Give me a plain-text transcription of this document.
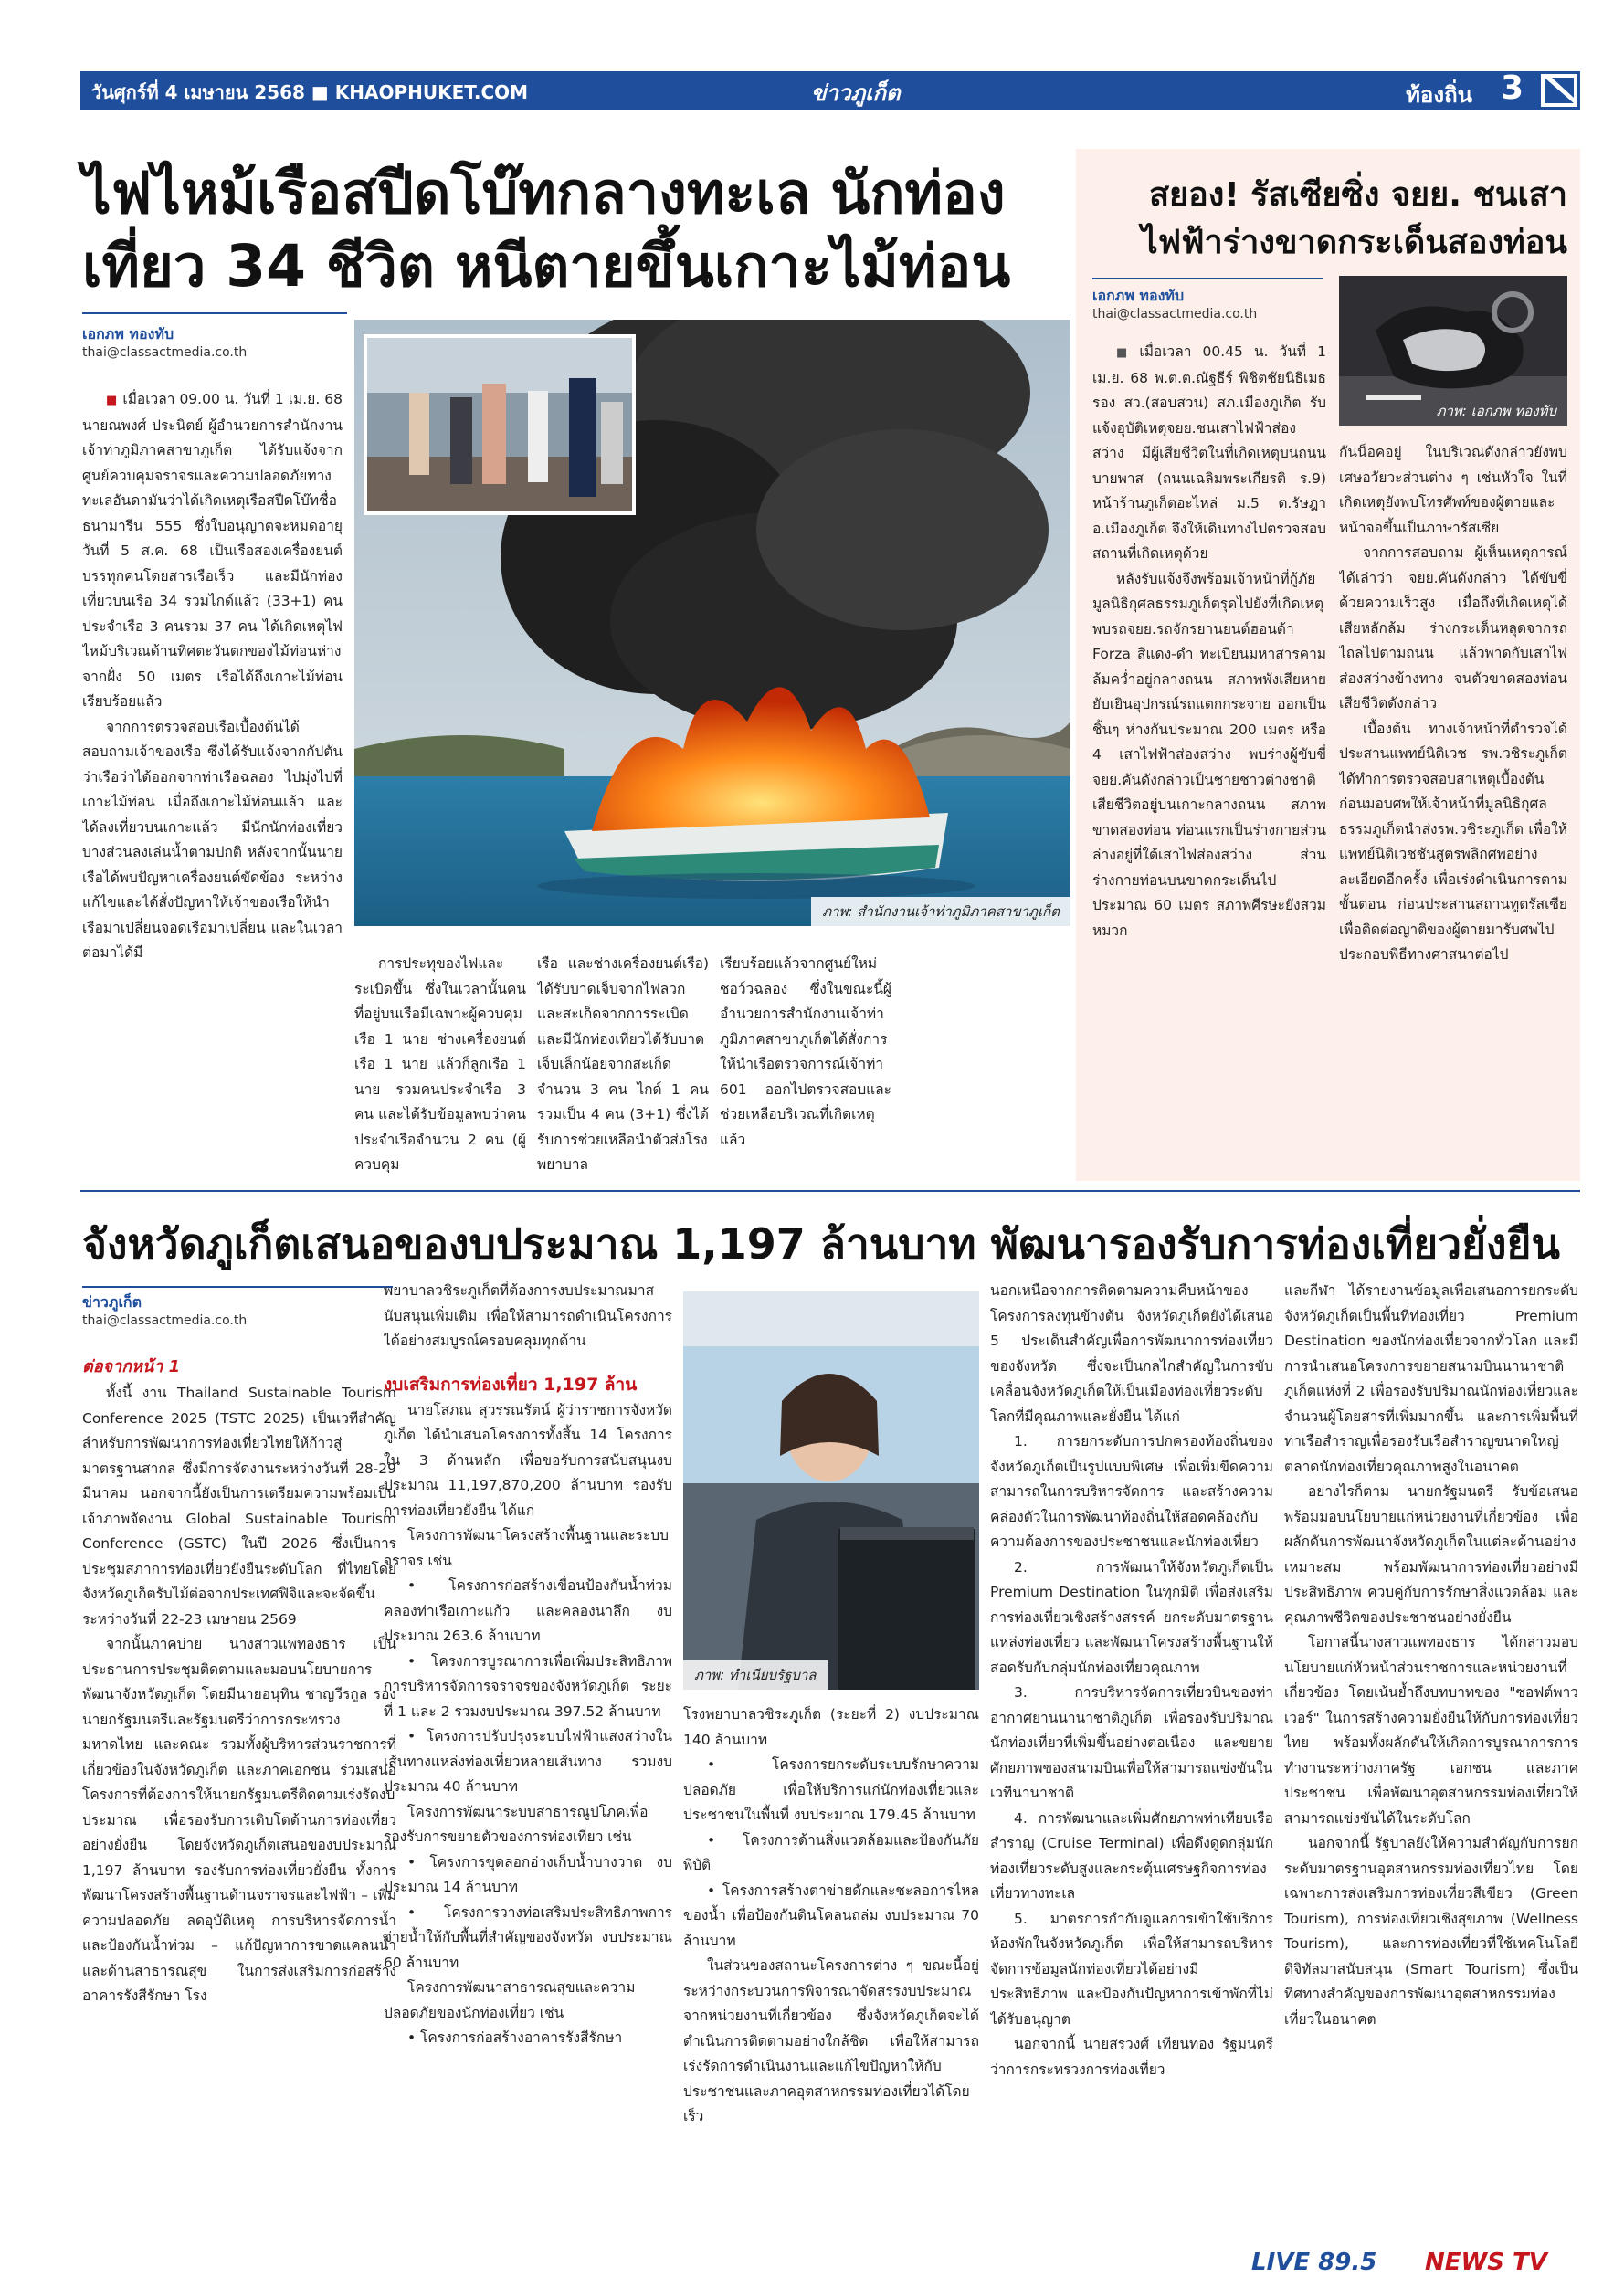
วันศุกร์ที่ 4 เมษายน 2568 ■ KHAOPHUKET.COM	ข่าวภูเก็ต	ท้องถิ่น 3
ไฟไหม้เรือสปีดโบ๊ทกลางทะเล นักท่อง
เที่ยว 34 ชีวิต หนีตายขึ้นเกาะไม้ท่อน
เอกภพ ทองทับ
thai@classactmedia.co.th

■ เมื่อเวลา 09.00 น. วันที่ 1 เม.ย. 68 นายณพงศ์ ประนิตย์ ผู้อำนวยการสำนักงานเจ้าท่าภูมิภาคสาขาภูเก็ต ได้รับแจ้งจากศูนย์ควบคุมจราจรและความปลอดภัยทางทะเลอันดามันว่าได้เกิดเหตุเรือสปีดโบ๊ทชื่อ ธนามารีน 555 ซึ่งใบอนุญาตจะหมดอายุวันที่ 5 ส.ค. 68 เป็นเรือสองเครื่องยนต์ บรรทุกคนโดยสารเรือเร็ว และมีนักท่องเที่ยวบนเรือ 34 รวมไกด์แล้ว (33+1) คนประจำเรือ 3 คนรวม 37 คน ได้เกิดเหตุไฟไหม้บริเวณด้านทิศตะวันตกของไม้ท่อนห่างจากฝั่ง 50 เมตร เรือได้ถึงเกาะไม้ท่อนเรียบร้อยแล้ว

จากการตรวจสอบเรือเบื้องต้นได้สอบถามเจ้าของเรือ ซึ่งได้รับแจ้งจากกัปตันว่าเรือว่าได้ออกจากท่าเรือฉลอง ไปมุ่งไปที่เกาะไม้ท่อน เมื่อถึงเกาะไม้ท่อนแล้ว และได้ลงเที่ยวบนเกาะแล้ว มีนักนักท่องเที่ยวบางส่วนลงเล่นน้ำตามปกติ หลังจากนั้นนายเรือได้พบปัญหาเครื่องยนต์ขัดข้อง ระหว่างแก้ไขและได้สั่งปัญหาให้เจ้าของเรือให้นำเรือมาเปลี่ยนจอดเรือมาเปลี่ยน และในเวลาต่อมาได้มี

ภาพ: สำนักงานเจ้าท่าภูมิภาคสาขาภูเก็ต

การประทุของไฟและระเบิดขึ้น ซึ่งในเวลานั้นคนที่อยู่บนเรือมีเฉพาะผู้ควบคุมเรือ 1 นาย ช่างเครื่องยนต์เรือ 1 นาย แล้วก็ลูกเรือ 1 นาย รวมคนประจำเรือ 3 คน และได้รับข้อมูลพบว่าคนประจำเรือจำนวน 2 คน (ผู้ควบคุม

เรือ และช่างเครื่องยนต์เรือ) ได้รับบาดเจ็บจากไฟลวก และสะเก็ดจากการระเบิด และมีนักท่องเที่ยวได้รับบาดเจ็บเล็กน้อยจากสะเก็ด จำนวน 3 คน ไกด์ 1 คน รวมเป็น 4 คน (3+1) ซึ่งได้รับการช่วยเหลือนำตัวส่งโรงพยาบาล

เรียบร้อยแล้วจากศูนย์ใหม่ชอว์วฉลอง ซึ่งในขณะนี้ผู้อำนวยการสำนักงานเจ้าท่าภูมิภาคสาขาภูเก็ตได้สั่งการให้นำเรือตรวจการณ์เจ้าท่า 601 ออกไปตรวจสอบและช่วยเหลือบริเวณที่เกิดเหตุแล้ว

สยอง! รัสเซียซิ่ง จยย. ชนเสา
ไฟฟ้าร่างขาดกระเด็นสองท่อน
เอกภพ ทองทับ
thai@classactmedia.co.th
ภาพ: เอกภพ ทองทับ

■ เมื่อเวลา 00.45 น. วันที่ 1 เม.ย. 68 พ.ต.ต.ณัฐธีร์ พิชิตชัยนิธิเมธ รอง สว.(สอบสวน) สภ.เมืองภูเก็ต รับแจ้งอุบัติเหตุจยย.ชนเสาไฟฟ้าส่องสว่าง มีผู้เสียชีวิตในที่เกิดเหตุบนถนนบายพาส (ถนนเฉลิมพระเกียรติ ร.9) หน้าร้านภูเก็ตอะไหล่ ม.5 ต.รัษฎา อ.เมืองภูเก็ต จึงให้เดินทางไปตรวจสอบสถานที่เกิดเหตุด้วย

หลังรับแจ้งจึงพร้อมเจ้าหน้าที่กู้ภัยมูลนิธิกุศลธรรมภูเก็ตรุดไปยังที่เกิดเหตุพบรถจยย.รถจักรยานยนต์ฮอนด้า Forza สีแดง-ดำ ทะเบียนมหาสารคาม ล้มคว่ำอยู่กลางถนน สภาพพังเสียหายยับเยินอุปกรณ์รถแตกกระจาย ออกเป็นชิ้นๆ ห่างกันประมาณ 200 เมตร หรือ 4 เสาไฟฟ้าส่องสว่าง พบร่างผู้ขับขี่จยย.คันดังกล่าวเป็นชายชาวต่างชาติ เสียชีวิตอยู่บนเกาะกลางถนน สภาพขาดสองท่อน ท่อนแรกเป็นร่างกายส่วนล่างอยู่ที่ใต้เสาไฟส่องสว่าง ส่วนร่างกายท่อนบนขาดกระเด็นไปประมาณ 60 เมตร สภาพศีรษะยังสวมหมวก

กันน็อคอยู่ ในบริเวณดังกล่าวยังพบเศษอวัยวะส่วนต่าง ๆ เช่นหัวใจ ในที่เกิดเหตุยังพบโทรศัพท์ของผู้ตายและหน้าจอขึ้นเป็นภาษารัสเซีย

จากการสอบถาม ผู้เห็นเหตุการณ์ ได้เล่าว่า จยย.คันดังกล่าว ได้ขับขี่ด้วยความเร็วสูง เมื่อถึงที่เกิดเหตุได้เสียหลักล้ม ร่างกระเด็นหลุดจากรถไถลไปตามถนน แล้วพาดกับเสาไฟส่องสว่างข้างทาง จนตัวขาดสองท่อนเสียชีวิตดังกล่าว

เบื้องต้น ทางเจ้าหน้าที่ตำรวจได้ประสานแพทย์นิติเวช รพ.วชิระภูเก็ต ได้ทำการตรวจสอบสาเหตุเบื้องต้น ก่อนมอบศพให้เจ้าหน้าที่มูลนิธิกุศลธรรมภูเก็ตนำส่งรพ.วชิระภูเก็ต เพื่อให้แพทย์นิติเวชชันสูตรพลิกศพอย่างละเอียดอีกครั้ง เพื่อเร่งดำเนินการตามขั้นตอน ก่อนประสานสถานทูตรัสเซีย เพื่อติดต่อญาติของผู้ตายมารับศพไปประกอบพิธีทางศาสนาต่อไป

จังหวัดภูเก็ตเสนอของบประมาณ 1,197 ล้านบาท พัฒนารองรับการท่องเที่ยวยั่งยืน
ข่าวภูเก็ต
thai@classactmedia.co.th

ต่อจากหน้า 1

ทั้งนี้ งาน Thailand Sustainable Tourism Conference 2025 (TSTC 2025) เป็นเวทีสำคัญสำหรับการพัฒนาการท่องเที่ยวไทยให้ก้าวสู่มาตรฐานสากล ซึ่งมีการจัดงานระหว่างวันที่ 28-29 มีนาคม นอกจากนี้ยังเป็นการเตรียมความพร้อมเป็นเจ้าภาพจัดงาน Global Sustainable Tourism Conference (GSTC) ในปี 2026 ซึ่งเป็นการประชุมสภาการท่องเที่ยวยั่งยืนระดับโลก ที่ไทยโดยจังหวัดภูเก็ตรับไม้ต่อจากประเทศฟิจิและจะจัดขึ้นระหว่างวันที่ 22-23 เมษายน 2569

จากนั้นภาคบ่าย นางสาวแพทองธาร เป็นประธานการประชุมติดตามและมอบนโยบายการพัฒนาจังหวัดภูเก็ต โดยมีนายอนุทิน ชาญวีรกูล รองนายกรัฐมนตรีและรัฐมนตรีว่าการกระทรวงมหาดไทย และคณะ รวมทั้งผู้บริหารส่วนราชการที่เกี่ยวข้องในจังหวัดภูเก็ต และภาคเอกชน ร่วมเสนอโครงการที่ต้องการให้นายกรัฐมนตรีติดตามเร่งรัดงบประมาณ เพื่อรองรับการเติบโตด้านการท่องเที่ยวอย่างยั่งยืน โดยจังหวัดภูเก็ตเสนอของบประมาณ 1,197 ล้านบาท รองรับการท่องเที่ยวยั่งยืน ทั้งการพัฒนาโครงสร้างพื้นฐานด้านจราจรและไฟฟ้า – เพิ่มความปลอดภัย ลดอุบัติเหตุ การบริหารจัดการน้ำและป้องกันน้ำท่วม – แก้ปัญหาการขาดแคลนน้ำ และด้านสาธารณสุข ในการส่งเสริมการก่อสร้างอาคารรังสีรักษา โรง

พยาบาลวชิระภูเก็ตที่ต้องการงบประมาณมาสนับสนุนเพิ่มเติม เพื่อให้สามารถดำเนินโครงการได้อย่างสมบูรณ์ครอบคลุมทุกด้าน

งบเสริมการท่องเที่ยว 1,197 ล้าน

นายโสภณ สุวรรณรัตน์ ผู้ว่าราชการจังหวัดภูเก็ต ได้นำเสนอโครงการทั้งสิ้น 14 โครงการ ใน 3 ด้านหลัก เพื่อขอรับการสนับสนุนงบประมาณ 11,197,870,200 ล้านบาท รองรับการท่องเที่ยวยั่งยืน ได้แก่

โครงการพัฒนาโครงสร้างพื้นฐานและระบบจราจร เช่น

• โครงการก่อสร้างเขื่อนป้องกันน้ำท่วมคลองท่าเรือเกาะแก้ว และคลองนาลึก งบประมาณ 263.6 ล้านบาท

• โครงการบูรณาการเพื่อเพิ่มประสิทธิภาพการบริหารจัดการจราจรของจังหวัดภูเก็ต ระยะที่ 1 และ 2 รวมงบประมาณ 397.52 ล้านบาท

• โครงการปรับปรุงระบบไฟฟ้าแสงสว่างในเส้นทางแหล่งท่องเที่ยวหลายเส้นทาง รวมงบประมาณ 40 ล้านบาท

โครงการพัฒนาระบบสาธารณูปโภคเพื่อรองรับการขยายตัวของการท่องเที่ยว เช่น

• โครงการขุดลอกอ่างเก็บน้ำบางวาด งบประมาณ 14 ล้านบาท

• โครงการวางท่อเสริมประสิทธิภาพการจ่ายน้ำให้กับพื้นที่สำคัญของจังหวัด งบประมาณ 60 ล้านบาท

โครงการพัฒนาสาธารณสุขและความปลอดภัยของนักท่องเที่ยว เช่น

• โครงการก่อสร้างอาคารรังสีรักษา

ภาพ: ทำเนียบรัฐบาล

โรงพยาบาลวชิระภูเก็ต (ระยะที่ 2) งบประมาณ 140 ล้านบาท

• โครงการยกระดับระบบรักษาความปลอดภัย เพื่อให้บริการแก่นักท่องเที่ยวและประชาชนในพื้นที่ งบประมาณ 179.45 ล้านบาท

• โครงการด้านสิ่งแวดล้อมและป้องกันภัยพิบัติ

• โครงการสร้างตาข่ายดักและชะลอการไหลของน้ำ เพื่อป้องกันดินโคลนถล่ม งบประมาณ 70 ล้านบาท

ในส่วนของสถานะโครงการต่าง ๆ ขณะนี้อยู่ระหว่างกระบวนการพิจารณาจัดสรรงบประมาณจากหน่วยงานที่เกี่ยวข้อง ซึ่งจังหวัดภูเก็ตจะได้ดำเนินการติดตามอย่างใกล้ชิด เพื่อให้สามารถเร่งรัดการดำเนินงานและแก้ไขปัญหาให้กับประชาชนและภาคอุตสาหกรรมท่องเที่ยวได้โดยเร็ว

นอกเหนือจากการติดตามความคืบหน้าของโครงการลงทุนข้างต้น จังหวัดภูเก็ตยังได้เสนอ 5 ประเด็นสำคัญเพื่อการพัฒนาการท่องเที่ยวของจังหวัด ซึ่งจะเป็นกลไกสำคัญในการขับเคลื่อนจังหวัดภูเก็ตให้เป็นเมืองท่องเที่ยวระดับโลกที่มีคุณภาพและยั่งยืน ได้แก่

1. การยกระดับการปกครองท้องถิ่นของจังหวัดภูเก็ตเป็นรูปแบบพิเศษ เพื่อเพิ่มขีดความสามารถในการบริหารจัดการ และสร้างความคล่องตัวในการพัฒนาท้องถิ่นให้สอดคล้องกับความต้องการของประชาชนและนักท่องเที่ยว

2. การพัฒนาให้จังหวัดภูเก็ตเป็น Premium Destination ในทุกมิติ เพื่อส่งเสริมการท่องเที่ยวเชิงสร้างสรรค์ ยกระดับมาตรฐานแหล่งท่องเที่ยว และพัฒนาโครงสร้างพื้นฐานให้สอดรับกับกลุ่มนักท่องเที่ยวคุณภาพ

3. การบริหารจัดการเที่ยวบินของท่าอากาศยานนานาชาติภูเก็ต เพื่อรองรับปริมาณนักท่องเที่ยวที่เพิ่มขึ้นอย่างต่อเนื่อง และขยายศักยภาพของสนามบินเพื่อให้สามารถแข่งขันในเวทีนานาชาติ

4. การพัฒนาและเพิ่มศักยภาพท่าเทียบเรือสำราญ (Cruise Terminal) เพื่อดึงดูดกลุ่มนักท่องเที่ยวระดับสูงและกระตุ้นเศรษฐกิจการท่องเที่ยวทางทะเล

5. มาตรการกำกับดูแลการเข้าใช้บริการห้องพักในจังหวัดภูเก็ต เพื่อให้สามารถบริหารจัดการข้อมูลนักท่องเที่ยวได้อย่างมีประสิทธิภาพ และป้องกันปัญหาการเข้าพักที่ไม่ได้รับอนุญาต

นอกจากนี้ นายสรวงศ์ เทียนทอง รัฐมนตรีว่าการกระทรวงการท่องเที่ยว

และกีฬา ได้รายงานข้อมูลเพื่อเสนอการยกระดับจังหวัดภูเก็ตเป็นพื้นที่ท่องเที่ยว Premium Destination ของนักท่องเที่ยวจากทั่วโลก และมีการนำเสนอโครงการขยายสนามบินนานาชาติภูเก็ตแห่งที่ 2 เพื่อรองรับปริมาณนักท่องเที่ยวและจำนวนผู้โดยสารที่เพิ่มมากขึ้น และการเพิ่มพื้นที่ท่าเรือสำราญเพื่อรองรับเรือสำราญขนาดใหญ่ ตลาดนักท่องเที่ยวคุณภาพสูงในอนาคต

อย่างไรก็ตาม นายกรัฐมนตรี รับข้อเสนอพร้อมมอบนโยบายแก่หน่วยงานที่เกี่ยวข้อง เพื่อผลักดันการพัฒนาจังหวัดภูเก็ตในแต่ละด้านอย่างเหมาะสม พร้อมพัฒนาการท่องเที่ยวอย่างมีประสิทธิภาพ ควบคู่กับการรักษาสิ่งแวดล้อม และคุณภาพชีวิตของประชาชนอย่างยั่งยืน

โอกาสนี้นางสาวแพทองธาร ได้กล่าวมอบนโยบายแก่หัวหน้าส่วนราชการและหน่วยงานที่เกี่ยวข้อง โดยเน้นย้ำถึงบทบาทของ "ซอฟต์พาวเวอร์" ในการสร้างความยั่งยืนให้กับการท่องเที่ยวไทย พร้อมทั้งผลักดันให้เกิดการบูรณาการการทำงานระหว่างภาครัฐ เอกชน และภาคประชาชน เพื่อพัฒนาอุตสาหกรรมท่องเที่ยวให้สามารถแข่งขันได้ในระดับโลก

นอกจากนี้ รัฐบาลยังให้ความสำคัญกับการยกระดับมาตรฐานอุตสาหกรรมท่องเที่ยวไทย โดยเฉพาะการส่งเสริมการท่องเที่ยวสีเขียว (Green Tourism), การท่องเที่ยวเชิงสุขภาพ (Wellness Tourism), และการท่องเที่ยวที่ใช้เทคโนโลยีดิจิทัลมาสนับสนุน (Smart Tourism) ซึ่งเป็นทิศทางสำคัญของการพัฒนาอุตสาหกรรมท่องเที่ยวในอนาคต

LIVE 89.5 NEWS TV
